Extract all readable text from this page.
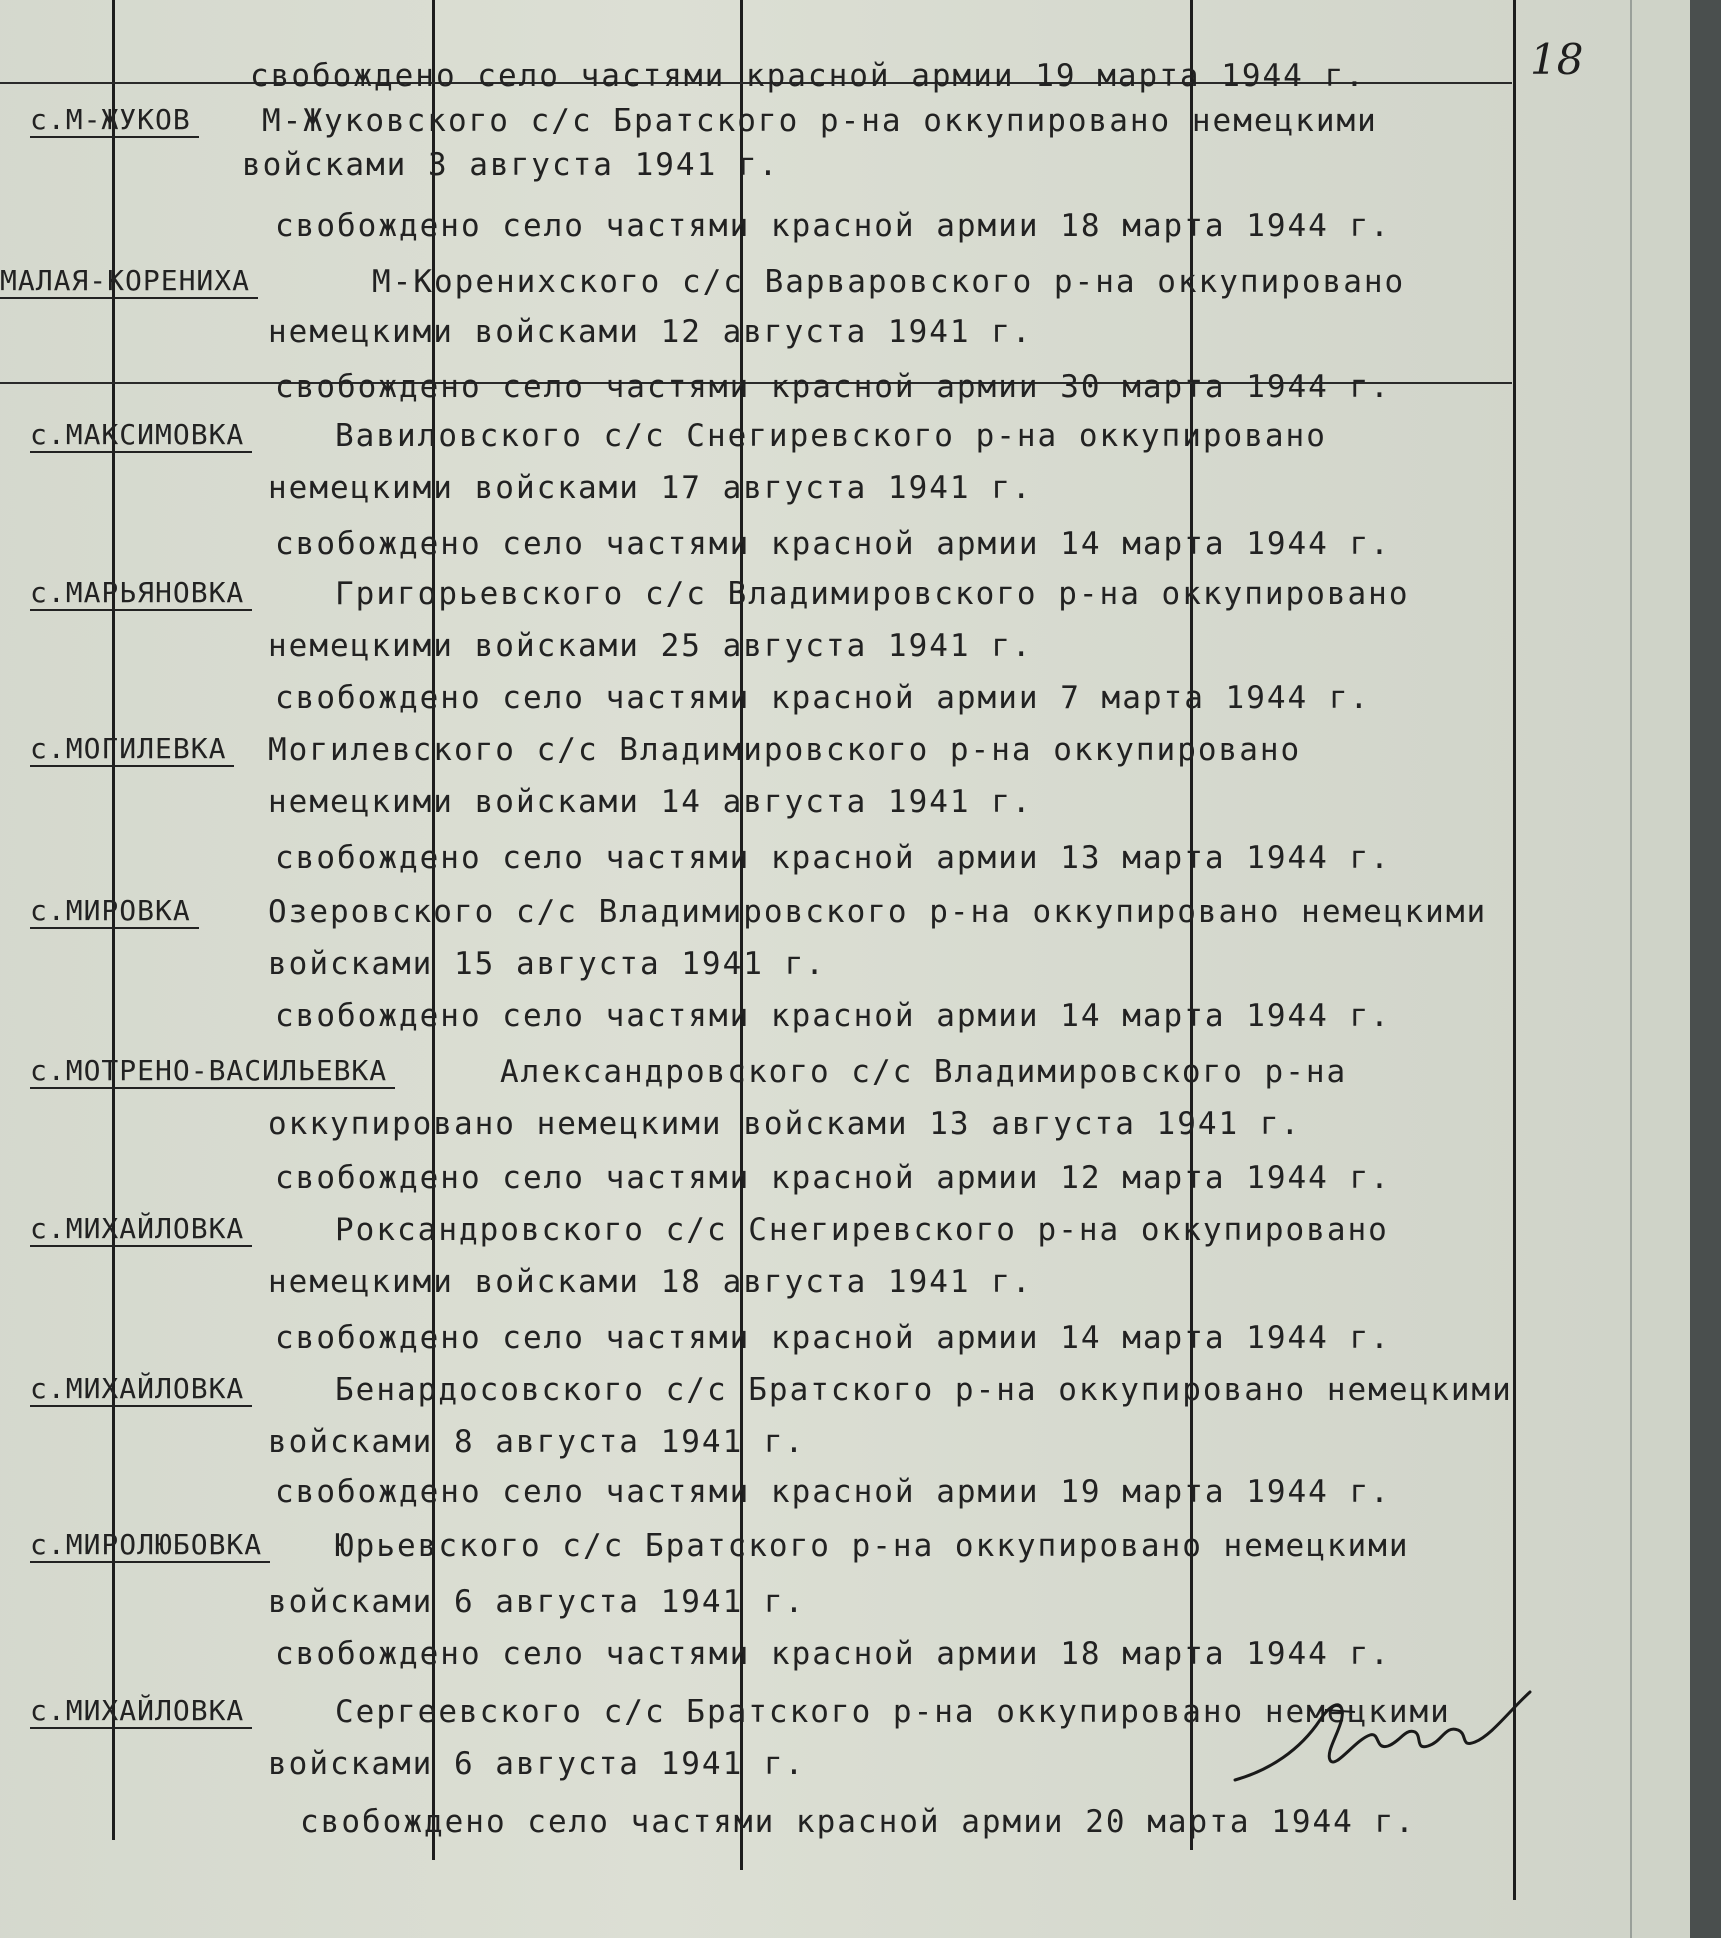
18
свобождено село частями красной армии 19 марта 1944 г.
с.М-ЖУКОВ М-Жуковского с/с Братского р-на оккупировано немецкими
войсками 3 августа 1941 г.
свобождено село частями красной армии 18 марта 1944 г.
МАЛАЯ-КОРЕНИХА	М-Корениxского с/с Варваровского р-на оккупировано
немецкими войсками 12 августа 1941 г.
свобождено село частями красной армии 30 марта 1944 г.
с.МАКСИМОВКА	Вавиловского с/с Снегиревского р-на оккупировано
немецкими войсками 17 августа 1941 г.
свобождено село частями красной армии 14 марта 1944 г.
с.МАРЬЯНОВКА	Григорьевского с/с Владимировского р-на оккупировано
немецкими войсками 25 августа 1941 г.
свобождено село частями красной армии 7 марта 1944 г.
с.МОГИЛЕВКА Могилевского с/с Владимировского р-на оккупировано
немецкими войсками 14 августа 1941 г.
свобождено село частями красной армии 13 марта 1944 г.
с.МИРОВКА Озеровского с/с Владимировского р-на оккупировано немецкими
войсками 15 августа 1941 г.
свобождено село частями красной армии 14 марта 1944 г.
с.МОТРЕНО-ВАСИЛЬЕВКА	Александровского с/с Владимировского р-на
оккупировано немецкими войсками 13 августа 1941 г.
свобождено село частями красной армии 12 марта 1944 г.
с.МИХАЙЛОВКА	Роксандровского с/с Снегиревского р-на оккупировано
немецкими войсками 18 августа 1941 г.
свобождено село частями красной армии 14 марта 1944 г.
с.МИХАЙЛОВКА	Бенардосовского с/с Братского р-на оккупировано немецкими
войсками 8 августа 1941 г.
свобождено село частями красной армии 19 марта 1944 г.
с.МИРОЛЮБОВКА Юрьевского с/с Братского р-на оккупировано немецкими
войсками 6 августа 1941 г.
свобождено село частями красной армии 18 марта 1944 г.
с.МИХАЙЛОВКА	Сергеевского с/с Братского р-на оккупировано немецкими
войсками 6 августа 1941 г.
свобождено село частями красной армии 20 марта 1944 г.
